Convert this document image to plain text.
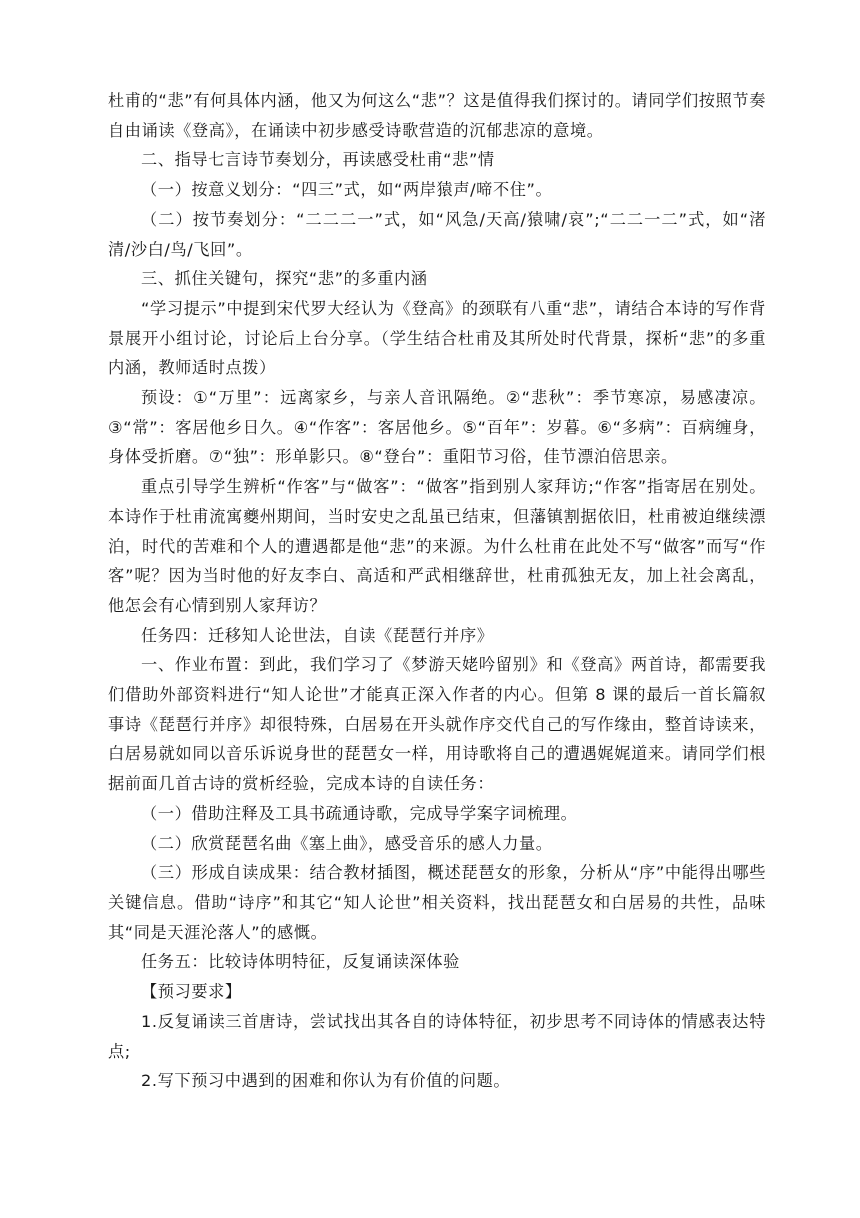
杜甫的“悲”有何具体内涵，他又为何这么“悲”？这是值得我们探讨的。请同学们按照节奏自由诵读《登高》，在诵读中初步感受诗歌营造的沉郁悲凉的意境。

二、指导七言诗节奏划分，再读感受杜甫“悲”情

（一）按意义划分：“四三”式，如“两岸猿声/啼不住”。

（二）按节奏划分：“二二二一”式，如“风急/天高/猿啸/哀”;“二二一二”式，如“渚清/沙白/鸟/飞回”。

三、抓住关键句，探究“悲”的多重内涵

“学习提示”中提到宋代罗大经认为《登高》的颈联有八重“悲”，请结合本诗的写作背景展开小组讨论，讨论后上台分享。（学生结合杜甫及其所处时代背景，探析“悲”的多重内涵，教师适时点拨）

预设：①“万里”：远离家乡，与亲人音讯隔绝。②“悲秋”：季节寒凉，易感凄凉。③“常”：客居他乡日久。④“作客”：客居他乡。⑤“百年”：岁暮。⑥“多病”：百病缠身，身体受折磨。⑦“独”：形单影只。⑧“登台”：重阳节习俗，佳节漂泊倍思亲。

重点引导学生辨析“作客”与“做客”：“做客”指到别人家拜访;“作客”指寄居在别处。本诗作于杜甫流寓夔州期间，当时安史之乱虽已结束，但藩镇割据依旧，杜甫被迫继续漂泊，时代的苦难和个人的遭遇都是他“悲”的来源。为什么杜甫在此处不写“做客”而写“作客”呢？因为当时他的好友李白、高适和严武相继辞世，杜甫孤独无友，加上社会离乱，他怎会有心情到别人家拜访？

任务四：迁移知人论世法，自读《琵琶行并序》

一、作业布置：到此，我们学习了《梦游天姥吟留别》和《登高》两首诗，都需要我们借助外部资料进行“知人论世”才能真正深入作者的内心。但第 8 课的最后一首长篇叙事诗《琵琶行并序》却很特殊，白居易在开头就作序交代自己的写作缘由，整首诗读来，白居易就如同以音乐诉说身世的琵琶女一样，用诗歌将自己的遭遇娓娓道来。请同学们根据前面几首古诗的赏析经验，完成本诗的自读任务：

（一）借助注释及工具书疏通诗歌，完成导学案字词梳理。

（二）欣赏琵琶名曲《塞上曲》，感受音乐的感人力量。

（三）形成自读成果：结合教材插图，概述琵琶女的形象，分析从“序”中能得出哪些关键信息。借助“诗序”和其它“知人论世”相关资料，找出琵琶女和白居易的共性，品味其“同是天涯沦落人”的感慨。

任务五：比较诗体明特征，反复诵读深体验

【预习要求】

1.反复诵读三首唐诗，尝试找出其各自的诗体特征，初步思考不同诗体的情感表达特点;

2.写下预习中遇到的困难和你认为有价值的问题。
